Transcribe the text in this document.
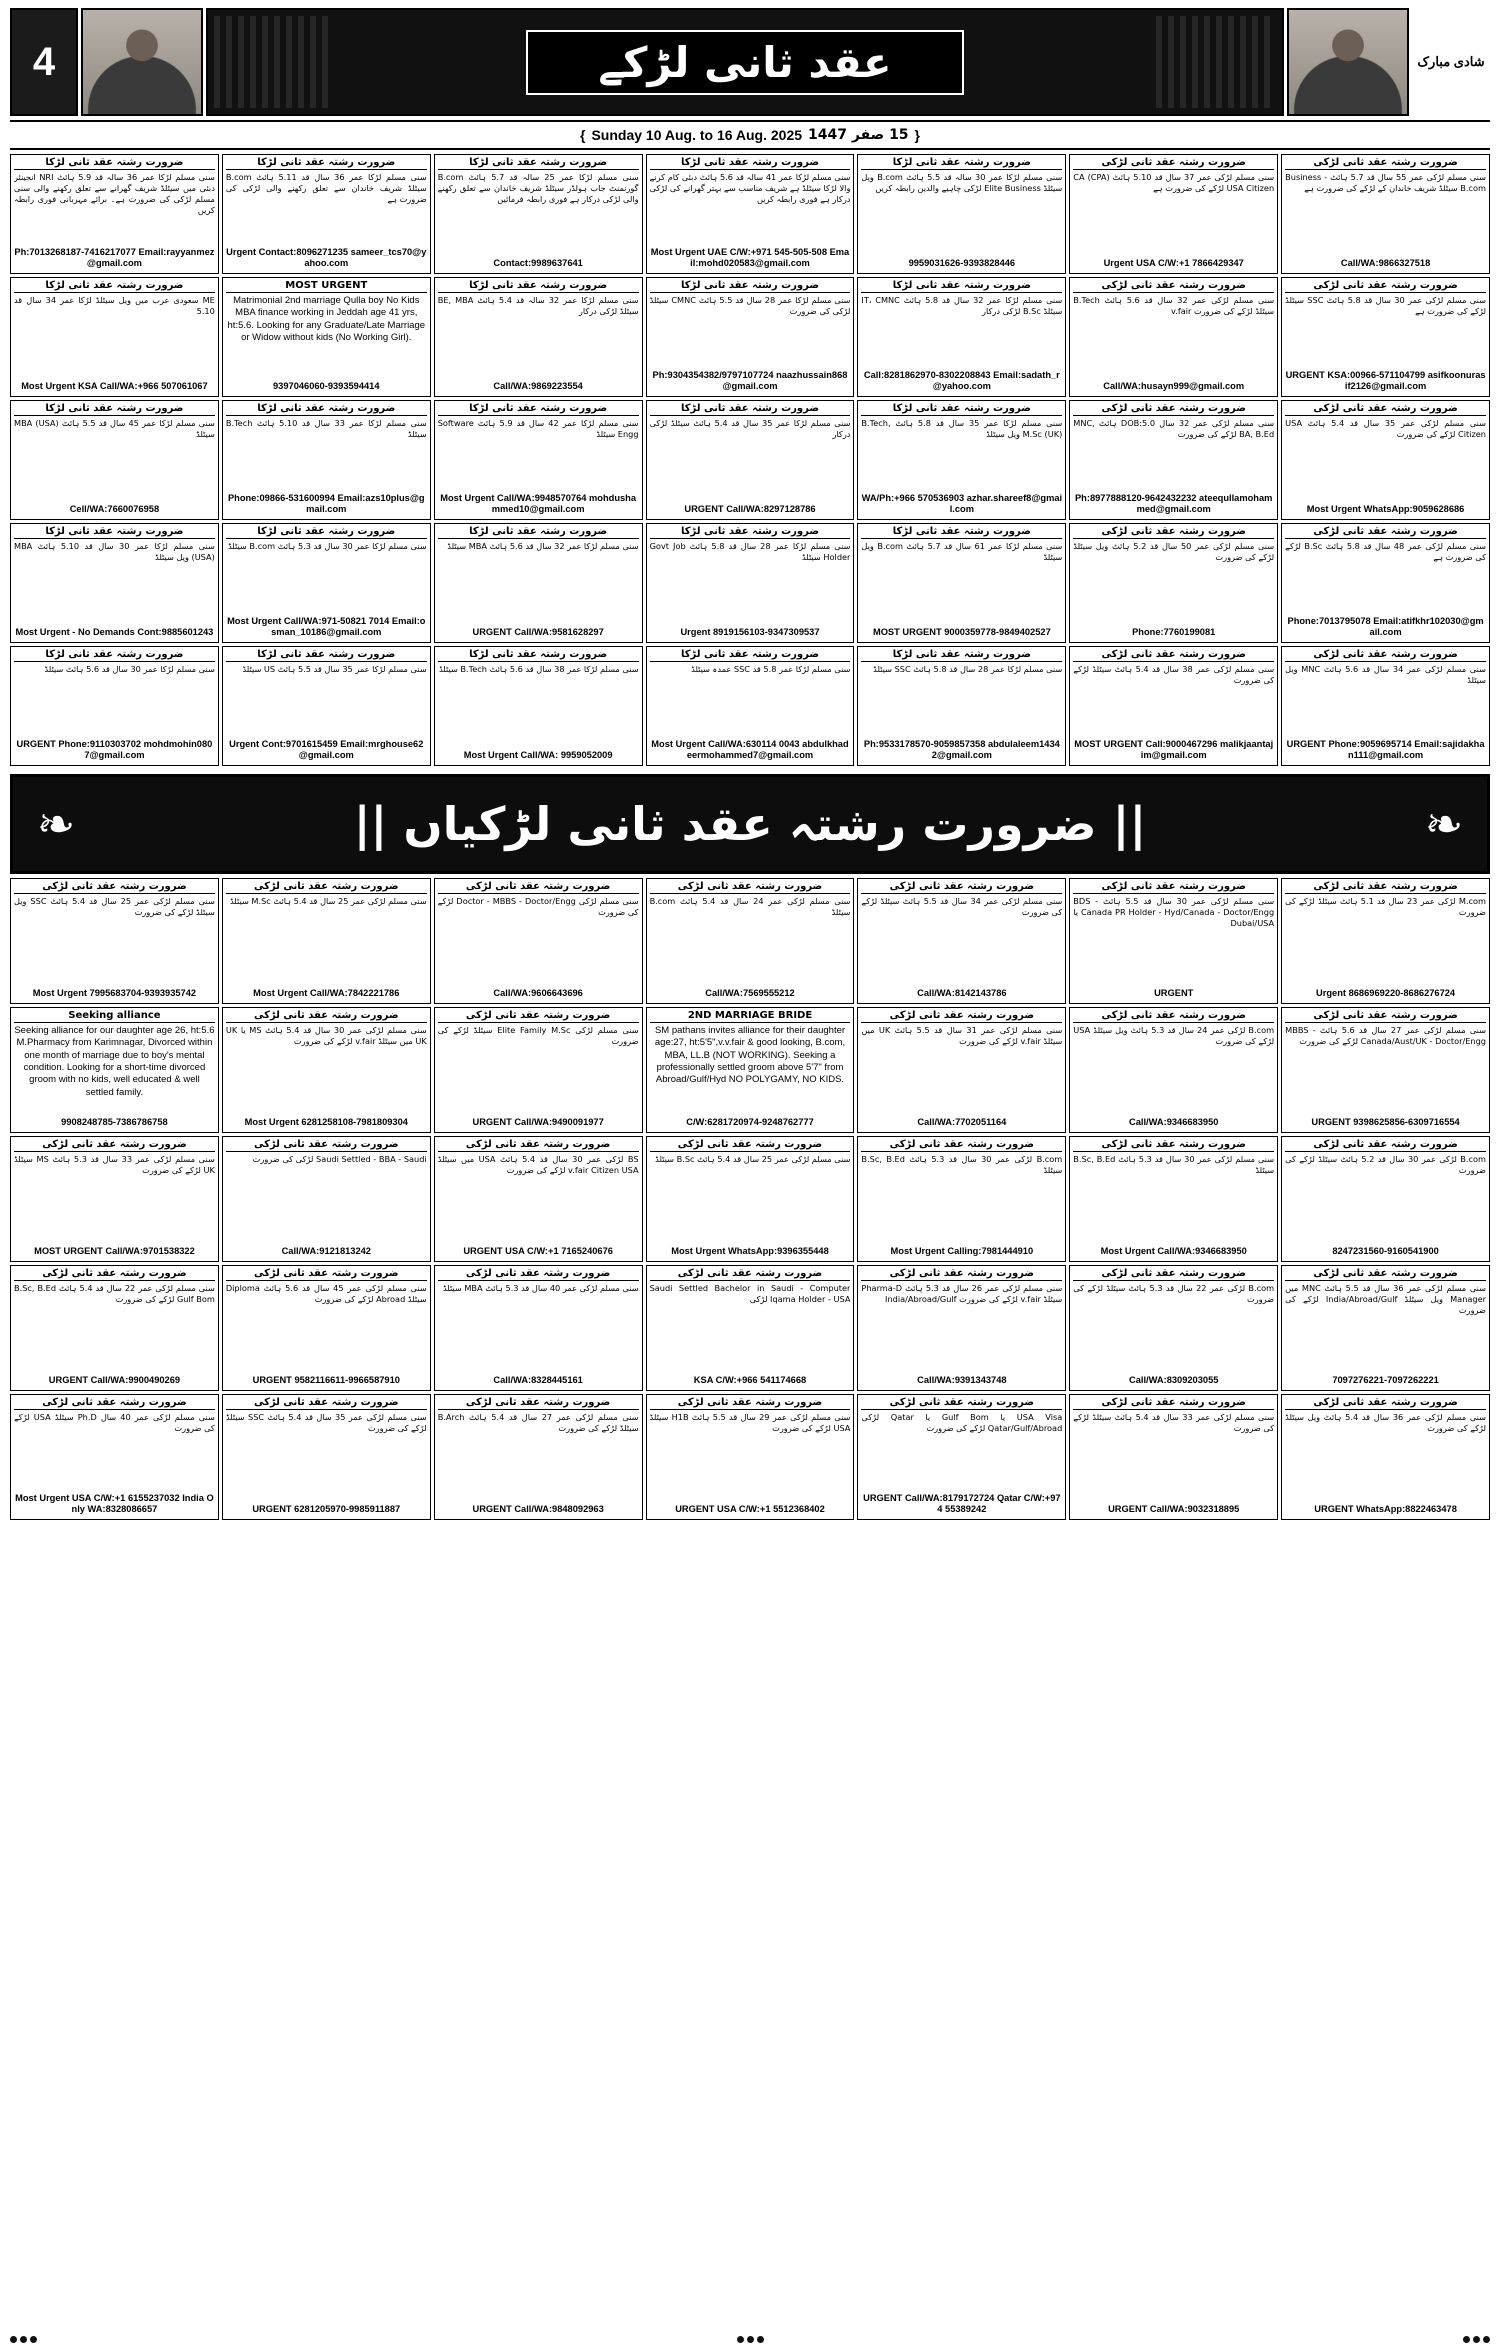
4	عقد ثانی لڑکے	شادی مبارک
{ Sunday 10 Aug. to 16 Aug. 2025 15 صفر 1447 }
ضرورت رشتہ عقد ثانی لڑکا
سنی مسلم لڑکا عمر 36 سالہ قد 5.9 ہائٹ NRI انجینئر دبئی میں سیٹلڈ شریف گھرانے سے تعلق رکھنے والی سنی مسلم لڑکی کی ضرورت ہے۔ برائے مہربانی فوری رابطہ کریں
Ph:7013268187-7416217077 Email:rayyanmez@gmail.com
ضرورت رشتہ عقد ثانی لڑکا
سنی مسلم لڑکا عمر 36 سال قد 5.11 ہائٹ B.com سیٹلڈ شریف خاندان سے تعلق رکھنے والی لڑکی کی ضرورت ہے
Urgent Contact:8096271235 sameer_tcs70@yahoo.com
ضرورت رشتہ عقد ثانی لڑکا
سنی مسلم لڑکا عمر 25 سالہ قد 5.7 ہائٹ B.com گورنمنٹ جاب ہولڈر سیٹلڈ شریف خاندان سے تعلق رکھنے والی لڑکی درکار ہے فوری رابطہ فرمائیں
Contact:9989637641
ضرورت رشتہ عقد ثانی لڑکا
سنی مسلم لڑکا عمر 41 سالہ قد 5.6 ہائٹ دبئی کام کرنے والا لڑکا سیٹلڈ ہے شریف مناسب سے بہتر گھرانے کی لڑکی درکار ہے فوری رابطہ کریں
Most Urgent UAE C/W:+971 545-505-508 Email:mohd020583@gmail.com
ضرورت رشتہ عقد ثانی لڑکا
سنی مسلم لڑکا عمر 30 سالہ قد 5.5 ہائٹ B.com ویل سیٹلڈ Elite Business لڑکی چاہیے والدین رابطہ کریں
9959031626-9393828446
ضرورت رشتہ عقد ثانی لڑکی
سنی مسلم لڑکی عمر 37 سال قد 5.10 ہائٹ CA (CPA) USA Citizen لڑکے کی ضرورت ہے
Urgent USA C/W:+1 7866429347
ضرورت رشتہ عقد ثانی لڑکی
سنی مسلم لڑکی عمر 55 سال قد 5.7 ہائٹ Business - B.com سیٹلڈ شریف خاندان کے لڑکے کی ضرورت ہے
Call/WA:9866327518
ضرورت رشتہ عقد ثانی لڑکا
ME سعودی عرب میں ویل سیٹلڈ لڑکا عمر 34 سال قد 5.10
Most Urgent KSA Call/WA:+966 507061067
MOST URGENT
Matrimonial 2nd marriage Qulla boy No Kids MBA finance working in Jeddah age 41 yrs, ht:5.6. Looking for any Graduate/Late Marriage or Widow without kids (No Working Girl).
9397046060-9393594414
ضرورت رشتہ عقد ثانی لڑکا
سنی مسلم لڑکا عمر 32 سالہ قد 5.4 ہائٹ BE, MBA سیٹلڈ لڑکی درکار
Call/WA:9869223554
ضرورت رشتہ عقد ثانی لڑکا
سنی مسلم لڑکا عمر 28 سال قد 5.5 ہائٹ CMNC سیٹلڈ لڑکی کی ضرورت
Ph:9304354382/9797107724 naazhussain868@gmail.com
ضرورت رشتہ عقد ثانی لڑکا
سنی مسلم لڑکا عمر 32 سال قد 5.8 ہائٹ IT، CMNC سیٹلڈ B.Sc لڑکی درکار
Call:8281862970-8302208843 Email:sadath_r@yahoo.com
ضرورت رشتہ عقد ثانی لڑکی
سنی مسلم لڑکی عمر 32 سال قد 5.6 ہائٹ B.Tech سیٹلڈ لڑکے کی ضرورت v.fair
Call/WA:husayn999@gmail.com
ضرورت رشتہ عقد ثانی لڑکی
سنی مسلم لڑکی عمر 30 سال قد 5.8 ہائٹ SSC سیٹلڈ لڑکے کی ضرورت ہے
URGENT KSA:00966-571104799 asifkoonurasif2126@gmail.com
ضرورت رشتہ عقد ثانی لڑکا
سنی مسلم لڑکا عمر 45 سال قد 5.5 ہائٹ MBA (USA) سیٹلڈ
Cell/WA:7660076958
ضرورت رشتہ عقد ثانی لڑکا
سنی مسلم لڑکا عمر 33 سال قد 5.10 ہائٹ B.Tech سیٹلڈ
Phone:09866-531600994 Email:azs10plus@gmail.com
ضرورت رشتہ عقد ثانی لڑکا
سنی مسلم لڑکا عمر 42 سال قد 5.9 ہائٹ Software Engg سیٹلڈ
Most Urgent Call/WA:9948570764 mohdushammed10@gmail.com
ضرورت رشتہ عقد ثانی لڑکا
سنی مسلم لڑکا عمر 35 سال قد 5.4 ہائٹ سیٹلڈ لڑکی درکار
URGENT Call/WA:8297128786
ضرورت رشتہ عقد ثانی لڑکا
سنی مسلم لڑکا عمر 35 سال قد 5.8 ہائٹ B.Tech, M.Sc (UK) ویل سیٹلڈ
WA/Ph:+966 570536903 azhar.shareef8@gmail.com
ضرورت رشتہ عقد ثانی لڑکی
سنی مسلم لڑکی عمر 32 سال DOB:5.0 ہائٹ MNC, BA, B.Ed لڑکے کی ضرورت
Ph:8977888120-9642432232 ateequllamohammed@gmail.com
ضرورت رشتہ عقد ثانی لڑکی
سنی مسلم لڑکی عمر 35 سال قد 5.4 ہائٹ USA Citizen لڑکے کی ضرورت
Most Urgent WhatsApp:9059628686
ضرورت رشتہ عقد ثانی لڑکا
سنی مسلم لڑکا عمر 30 سال قد 5.10 ہائٹ MBA (USA) ویل سیٹلڈ
Most Urgent - No Demands Cont:9885601243
ضرورت رشتہ عقد ثانی لڑکا
سنی مسلم لڑکا عمر 30 سال قد 5.3 ہائٹ B.com سیٹلڈ
Most Urgent Call/WA:971-50821 7014 Email:osman_10186@gmail.com
ضرورت رشتہ عقد ثانی لڑکا
سنی مسلم لڑکا عمر 32 سال قد 5.6 ہائٹ MBA سیٹلڈ
URGENT Call/WA:9581628297
ضرورت رشتہ عقد ثانی لڑکا
سنی مسلم لڑکا عمر 28 سال قد 5.8 ہائٹ Govt Job Holder سیٹلڈ
Urgent 8919156103-9347309537
ضرورت رشتہ عقد ثانی لڑکا
سنی مسلم لڑکا عمر 61 سال قد 5.7 ہائٹ B.com ویل سیٹلڈ
MOST URGENT 9000359778-9849402527
ضرورت رشتہ عقد ثانی لڑکی
سنی مسلم لڑکی عمر 50 سال قد 5.2 ہائٹ ویل سیٹلڈ لڑکے کی ضرورت
Phone:7760199081
ضرورت رشتہ عقد ثانی لڑکی
سنی مسلم لڑکی عمر 48 سال قد 5.8 ہائٹ B.Sc لڑکے کی ضرورت ہے
Phone:7013795078 Email:atifkhr102030@gmail.com
ضرورت رشتہ عقد ثانی لڑکا
سنی مسلم لڑکا عمر 30 سال قد 5.6 ہائٹ سیٹلڈ
URGENT Phone:9110303702 mohdmohin0807@gmail.com
ضرورت رشتہ عقد ثانی لڑکا
سنی مسلم لڑکا عمر 35 سال قد 5.5 ہائٹ US سیٹلڈ
Urgent Cont:9701615459 Email:mrghouse62@gmail.com
ضرورت رشتہ عقد ثانی لڑکا
سنی مسلم لڑکا عمر 38 سال قد 5.6 ہائٹ B.Tech سیٹلڈ
Most Urgent Call/WA: 9959052009
ضرورت رشتہ عقد ثانی لڑکا
سنی مسلم لڑکا عمر 5.8 قد SSC عمدہ سیٹلڈ
Most Urgent Call/WA:630114 0043 abdulkhadeermohammed7@gmail.com
ضرورت رشتہ عقد ثانی لڑکا
سنی مسلم لڑکا عمر 28 سال قد 5.8 ہائٹ SSC سیٹلڈ
Ph:9533178570-9059857358 abdulaleem14342@gmail.com
ضرورت رشتہ عقد ثانی لڑکی
سنی مسلم لڑکی عمر 38 سال قد 5.4 ہائٹ سیٹلڈ لڑکے کی ضرورت
MOST URGENT Call:9000467296 malikjaantajim@gmail.com
ضرورت رشتہ عقد ثانی لڑکی
سنی مسلم لڑکی عمر 34 سال قد 5.6 ہائٹ MNC ویل سیٹلڈ
URGENT Phone:9059695714 Email:sajidakhan111@gmail.com
❧	|| ضرورت رشتہ عقد ثانی لڑکیاں ||	❧
ضرورت رشتہ عقد ثانی لڑکی
سنی مسلم لڑکی عمر 25 سال قد 5.4 ہائٹ SSC ویل سیٹلڈ لڑکے کی ضرورت
Most Urgent 7995683704-9393935742
ضرورت رشتہ عقد ثانی لڑکی
سنی مسلم لڑکی عمر 25 سال قد 5.4 ہائٹ M.Sc سیٹلڈ
Most Urgent Call/WA:7842221786
ضرورت رشتہ عقد ثانی لڑکی
سنی مسلم لڑکی Doctor - MBBS - Doctor/Engg لڑکے کی ضرورت
Call/WA:9606643696
ضرورت رشتہ عقد ثانی لڑکی
سنی مسلم لڑکی عمر 24 سال قد 5.4 ہائٹ B.com سیٹلڈ
Call/WA:7569555212
ضرورت رشتہ عقد ثانی لڑکی
سنی مسلم لڑکی عمر 34 سال قد 5.5 ہائٹ سیٹلڈ لڑکے کی ضرورت
Call/WA:8142143786
ضرورت رشتہ عقد ثانی لڑکی
سنی مسلم لڑکی عمر 30 سال قد 5.5 ہائٹ BDS - Canada PR Holder - Hyd/Canada - Doctor/Engg یا Dubai/USA
URGENT
ضرورت رشتہ عقد ثانی لڑکی
M.com لڑکی عمر 23 سال قد 5.1 ہائٹ سیٹلڈ لڑکے کی ضرورت
Urgent 8686969220-8686276724
Seeking alliance
Seeking alliance for our daughter age 26, ht:5.6 M.Pharmacy from Karimnagar, Divorced within one month of marriage due to boy's mental condition. Looking for a short-time divorced groom with no kids, well educated & well settled family.
9908248785-7386786758
ضرورت رشتہ عقد ثانی لڑکی
سنی مسلم لڑکی عمر 30 سال قد 5.4 ہائٹ MS یا UK UK میں سیٹلڈ v.fair لڑکے کی ضرورت
Most Urgent 6281258108-7981809304
ضرورت رشتہ عقد ثانی لڑکی
سنی مسلم لڑکی Elite Family M.Sc سیٹلڈ لڑکے کی ضرورت
URGENT Call/WA:9490091977
2ND MARRIAGE BRIDE
SM pathans invites alliance for their daughter age:27, ht:5'5",v.v.fair & good looking, B.com, MBA, LL.B (NOT WORKING). Seeking a professionally settled groom above 5'7" from Abroad/Gulf/Hyd NO POLYGAMY, NO KIDS.
C/W:6281720974-9248762777
ضرورت رشتہ عقد ثانی لڑکی
سنی مسلم لڑکی عمر 31 سال قد 5.5 ہائٹ UK میں سیٹلڈ v.fair لڑکے کی ضرورت
Call/WA:7702051164
ضرورت رشتہ عقد ثانی لڑکی
B.com لڑکی عمر 24 سال قد 5.3 ہائٹ ویل سیٹلڈ USA لڑکے کی ضرورت
Call/WA:9346683950
ضرورت رشتہ عقد ثانی لڑکی
سنی مسلم لڑکی عمر 27 سال قد 5.6 ہائٹ MBBS - Canada/Aust/UK - Doctor/Engg لڑکے کی ضرورت
URGENT 9398625856-6309716554
ضرورت رشتہ عقد ثانی لڑکی
سنی مسلم لڑکی عمر 33 سال قد 5.3 ہائٹ MS سیٹلڈ UK لڑکے کی ضرورت
MOST URGENT Call/WA:9701538322
ضرورت رشتہ عقد ثانی لڑکی
Saudi Settled - BBA - Saudi لڑکی کی ضرورت
Call/WA:9121813242
ضرورت رشتہ عقد ثانی لڑکی
BS لڑکی عمر 30 سال قد 5.4 ہائٹ USA میں سیٹلڈ v.fair Citizen USA لڑکے کی ضرورت
URGENT USA C/W:+1 7165240676
ضرورت رشتہ عقد ثانی لڑکی
سنی مسلم لڑکی عمر 25 سال قد 5.4 ہائٹ B.Sc سیٹلڈ
Most Urgent WhatsApp:9396355448
ضرورت رشتہ عقد ثانی لڑکی
B.com لڑکی عمر 30 سال قد 5.3 ہائٹ B.Sc, B.Ed سیٹلڈ
Most Urgent Calling:7981444910
ضرورت رشتہ عقد ثانی لڑکی
سنی مسلم لڑکی عمر 30 سال قد 5.3 ہائٹ B.Sc, B.Ed سیٹلڈ
Most Urgent Call/WA:9346683950
ضرورت رشتہ عقد ثانی لڑکی
B.com لڑکی عمر 30 سال قد 5.2 ہائٹ سیٹلڈ لڑکے کی ضرورت
8247231560-9160541900
ضرورت رشتہ عقد ثانی لڑکی
سنی مسلم لڑکی عمر 22 سال قد 5.4 ہائٹ B.Sc, B.Ed Gulf Bom لڑکے کی ضرورت
URGENT Call/WA:9900490269
ضرورت رشتہ عقد ثانی لڑکی
سنی مسلم لڑکی عمر 45 سال قد 5.6 ہائٹ Diploma سیٹلڈ Abroad لڑکے کی ضرورت
URGENT 9582116611-9966587910
ضرورت رشتہ عقد ثانی لڑکی
سنی مسلم لڑکی عمر 40 سال قد 5.3 ہائٹ MBA سیٹلڈ
Call/WA:8328445161
ضرورت رشتہ عقد ثانی لڑکی
Saudi Settled Bachelor in Saudi - Computer Iqama Holder - USA لڑکی
KSA C/W:+966 541174668
ضرورت رشتہ عقد ثانی لڑکی
سنی مسلم لڑکی عمر 26 سال قد 5.3 ہائٹ Pharma-D سیٹلڈ v.fair لڑکے کی ضرورت India/Abroad/Gulf
Call/WA:9391343748
ضرورت رشتہ عقد ثانی لڑکی
B.com لڑکی عمر 22 سال قد 5.3 ہائٹ سیٹلڈ لڑکے کی ضرورت
Call/WA:8309203055
ضرورت رشتہ عقد ثانی لڑکی
سنی مسلم لڑکی عمر 36 سال قد 5.5 ہائٹ MNC میں Manager ویل سیٹلڈ India/Abroad/Gulf لڑکے کی ضرورت
7097276221-7097262221
ضرورت رشتہ عقد ثانی لڑکی
سنی مسلم لڑکی عمر 40 سال Ph.D سیٹلڈ USA لڑکے کی ضرورت
Most Urgent USA C/W:+1 6155237032 India Only WA:8328086657
ضرورت رشتہ عقد ثانی لڑکی
سنی مسلم لڑکی عمر 35 سال قد 5.4 ہائٹ SSC سیٹلڈ لڑکے کی ضرورت
URGENT 6281205970-9985911887
ضرورت رشتہ عقد ثانی لڑکی
سنی مسلم لڑکی عمر 27 سال قد 5.4 ہائٹ B.Arch سیٹلڈ لڑکے کی ضرورت
URGENT Call/WA:9848092963
ضرورت رشتہ عقد ثانی لڑکی
سنی مسلم لڑکی عمر 29 سال قد 5.5 ہائٹ H1B سیٹلڈ USA لڑکے کی ضرورت
URGENT USA C/W:+1 5512368402
ضرورت رشتہ عقد ثانی لڑکی
USA Visa یا Gulf Bom یا Qatar لڑکی Qatar/Gulf/Abroad لڑکے کی ضرورت
URGENT Call/WA:8179172724 Qatar C/W:+974 55389242
ضرورت رشتہ عقد ثانی لڑکی
سنی مسلم لڑکی عمر 33 سال قد 5.4 ہائٹ سیٹلڈ لڑکے کی ضرورت
URGENT Call/WA:9032318895
ضرورت رشتہ عقد ثانی لڑکی
سنی مسلم لڑکی عمر 36 سال قد 5.4 ہائٹ ویل سیٹلڈ لڑکے کی ضرورت
URGENT WhatsApp:8822463478
